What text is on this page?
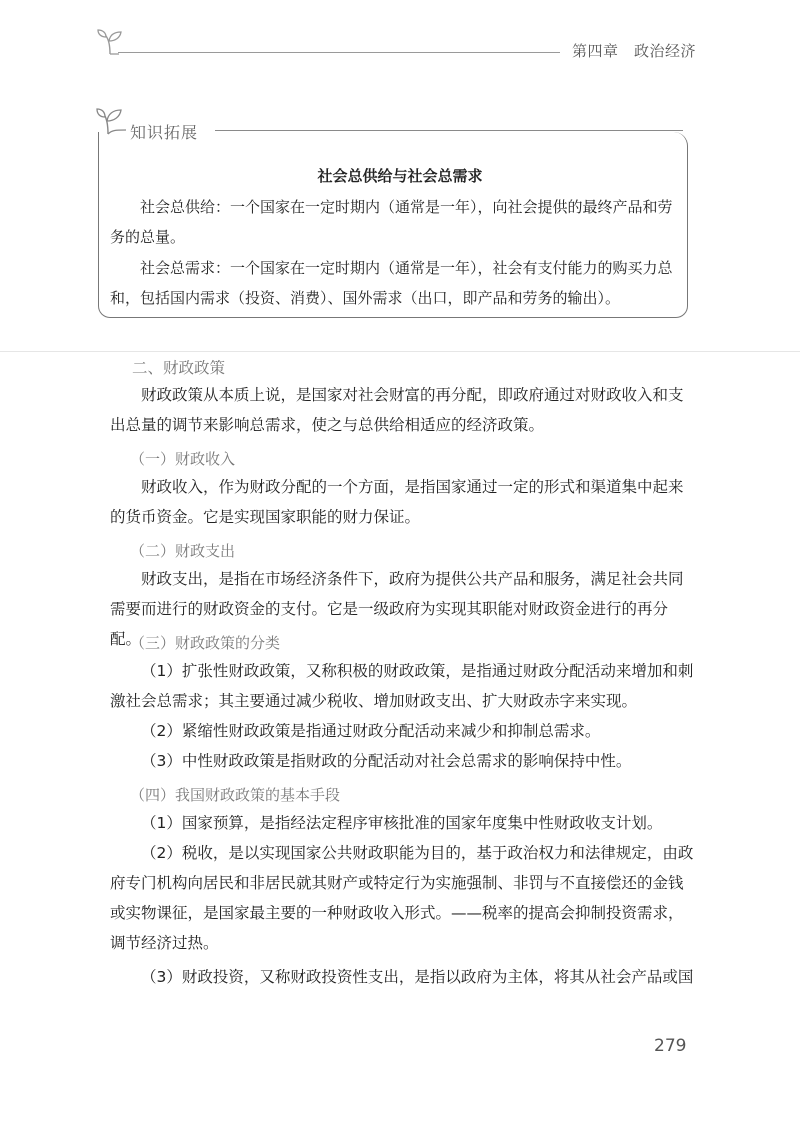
第四章　政治经济
知识拓展
社会总供给与社会总需求

社会总供给：一个国家在一定时期内（通常是一年），向社会提供的最终产品和劳务的总量。

社会总需求：一个国家在一定时期内（通常是一年），社会有支付能力的购买力总和，包括国内需求（投资、消费）、国外需求（出口，即产品和劳务的输出）。

二、财政政策

财政政策从本质上说，是国家对社会财富的再分配，即政府通过对财政收入和支出总量的调节来影响总需求，使之与总供给相适应的经济政策。

（一）财政收入

财政收入，作为财政分配的一个方面，是指国家通过一定的形式和渠道集中起来的货币资金。它是实现国家职能的财力保证。

（二）财政支出

财政支出，是指在市场经济条件下，政府为提供公共产品和服务，满足社会共同需要而进行的财政资金的支付。它是一级政府为实现其职能对财政资金进行的再分配。

（三）财政政策的分类

（1）扩张性财政政策，又称积极的财政政策，是指通过财政分配活动来增加和刺激社会总需求；其主要通过减少税收、增加财政支出、扩大财政赤字来实现。

（2）紧缩性财政政策是指通过财政分配活动来减少和抑制总需求。

（3）中性财政政策是指财政的分配活动对社会总需求的影响保持中性。

（四）我国财政政策的基本手段

（1）国家预算，是指经法定程序审核批准的国家年度集中性财政收支计划。

（2）税收，是以实现国家公共财政职能为目的，基于政治权力和法律规定，由政府专门机构向居民和非居民就其财产或特定行为实施强制、非罚与不直接偿还的金钱或实物课征，是国家最主要的一种财政收入形式。——税率的提高会抑制投资需求，调节经济过热。

（3）财政投资，又称财政投资性支出，是指以政府为主体，将其从社会产品或国

279
